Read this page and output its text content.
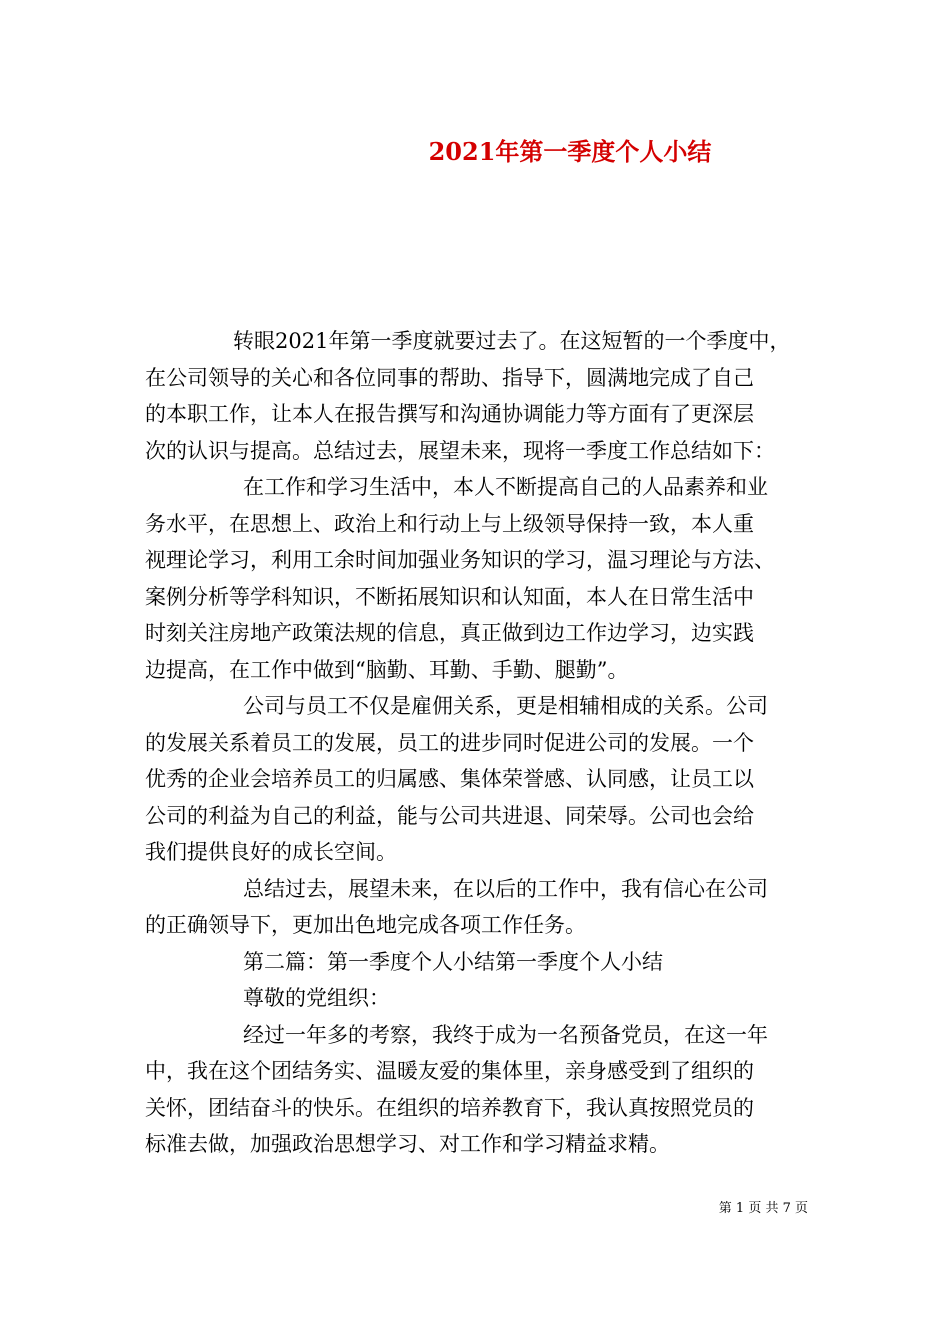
2021年第一季度个人小结
转眼2021年第一季度就要过去了。在这短暂的一个季度中，
在公司领导的关心和各位同事的帮助、指导下，圆满地完成了自己
的本职工作，让本人在报告撰写和沟通协调能力等方面有了更深层
次的认识与提高。总结过去，展望未来，现将一季度工作总结如下：
在工作和学习生活中，本人不断提高自己的人品素养和业
务水平，在思想上、政治上和行动上与上级领导保持一致，本人重
视理论学习，利用工余时间加强业务知识的学习，温习理论与方法、
案例分析等学科知识，不断拓展知识和认知面，本人在日常生活中
时刻关注房地产政策法规的信息，真正做到边工作边学习，边实践
边提高，在工作中做到“脑勤、耳勤、手勤、腿勤”。
公司与员工不仅是雇佣关系，更是相辅相成的关系。公司
的发展关系着员工的发展，员工的进步同时促进公司的发展。一个
优秀的企业会培养员工的归属感、集体荣誉感、认同感，让员工以
公司的利益为自己的利益，能与公司共进退、同荣辱。公司也会给
我们提供良好的成长空间。
总结过去，展望未来，在以后的工作中，我有信心在公司
的正确领导下，更加出色地完成各项工作任务。
第二篇：第一季度个人小结第一季度个人小结
尊敬的党组织：
经过一年多的考察，我终于成为一名预备党员，在这一年
中，我在这个团结务实、温暖友爱的集体里，亲身感受到了组织的
关怀，团结奋斗的快乐。在组织的培养教育下，我认真按照党员的
标准去做，加强政治思想学习、对工作和学习精益求精。
第 1 页 共 7 页
